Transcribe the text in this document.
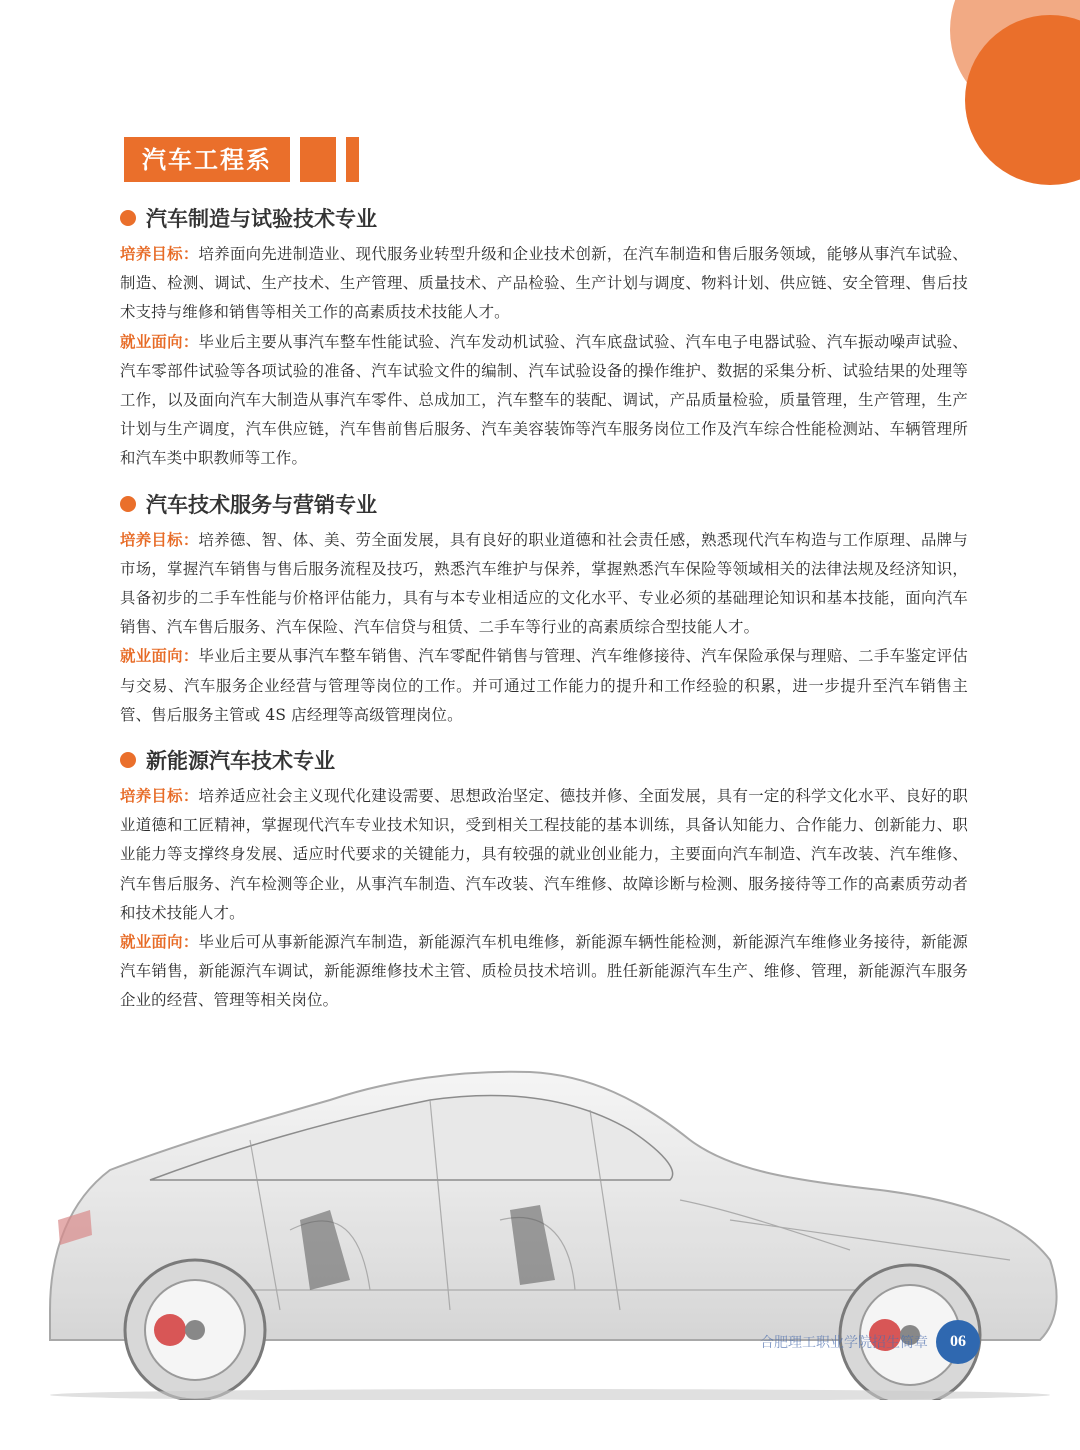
汽车工程系
汽车制造与试验技术专业

培养目标：培养面向先进制造业、现代服务业转型升级和企业技术创新，在汽车制造和售后服务领域，能够从事汽车试验、制造、检测、调试、生产技术、生产管理、质量技术、产品检验、生产计划与调度、物料计划、供应链、安全管理、售后技术支持与维修和销售等相关工作的高素质技术技能人才。

就业面向：毕业后主要从事汽车整车性能试验、汽车发动机试验、汽车底盘试验、汽车电子电器试验、汽车振动噪声试验、汽车零部件试验等各项试验的准备、汽车试验文件的编制、汽车试验设备的操作维护、数据的采集分析、试验结果的处理等工作，以及面向汽车大制造从事汽车零件、总成加工，汽车整车的装配、调试，产品质量检验，质量管理，生产管理，生产计划与生产调度，汽车供应链，汽车售前售后服务、汽车美容装饰等汽车服务岗位工作及汽车综合性能检测站、车辆管理所和汽车类中职教师等工作。

汽车技术服务与营销专业

培养目标：培养德、智、体、美、劳全面发展，具有良好的职业道德和社会责任感，熟悉现代汽车构造与工作原理、品牌与市场，掌握汽车销售与售后服务流程及技巧，熟悉汽车维护与保养，掌握熟悉汽车保险等领域相关的法律法规及经济知识，具备初步的二手车性能与价格评估能力，具有与本专业相适应的文化水平、专业必须的基础理论知识和基本技能，面向汽车销售、汽车售后服务、汽车保险、汽车信贷与租赁、二手车等行业的高素质综合型技能人才。

就业面向：毕业后主要从事汽车整车销售、汽车零配件销售与管理、汽车维修接待、汽车保险承保与理赔、二手车鉴定评估与交易、汽车服务企业经营与管理等岗位的工作。并可通过工作能力的提升和工作经验的积累，进一步提升至汽车销售主管、售后服务主管或 4S 店经理等高级管理岗位。

新能源汽车技术专业

培养目标：培养适应社会主义现代化建设需要、思想政治坚定、德技并修、全面发展，具有一定的科学文化水平、良好的职业道德和工匠精神，掌握现代汽车专业技术知识，受到相关工程技能的基本训练，具备认知能力、合作能力、创新能力、职业能力等支撑终身发展、适应时代要求的关键能力，具有较强的就业创业能力，主要面向汽车制造、汽车改装、汽车维修、汽车售后服务、汽车检测等企业，从事汽车制造、汽车改装、汽车维修、故障诊断与检测、服务接待等工作的高素质劳动者和技术技能人才。

就业面向：毕业后可从事新能源汽车制造，新能源汽车机电维修，新能源车辆性能检测，新能源汽车维修业务接待，新能源汽车销售，新能源汽车调试，新能源维修技术主管、质检员技术培训。胜任新能源汽车生产、维修、管理，新能源汽车服务企业的经营、管理等相关岗位。

合肥理工职业学院招生简章	06
